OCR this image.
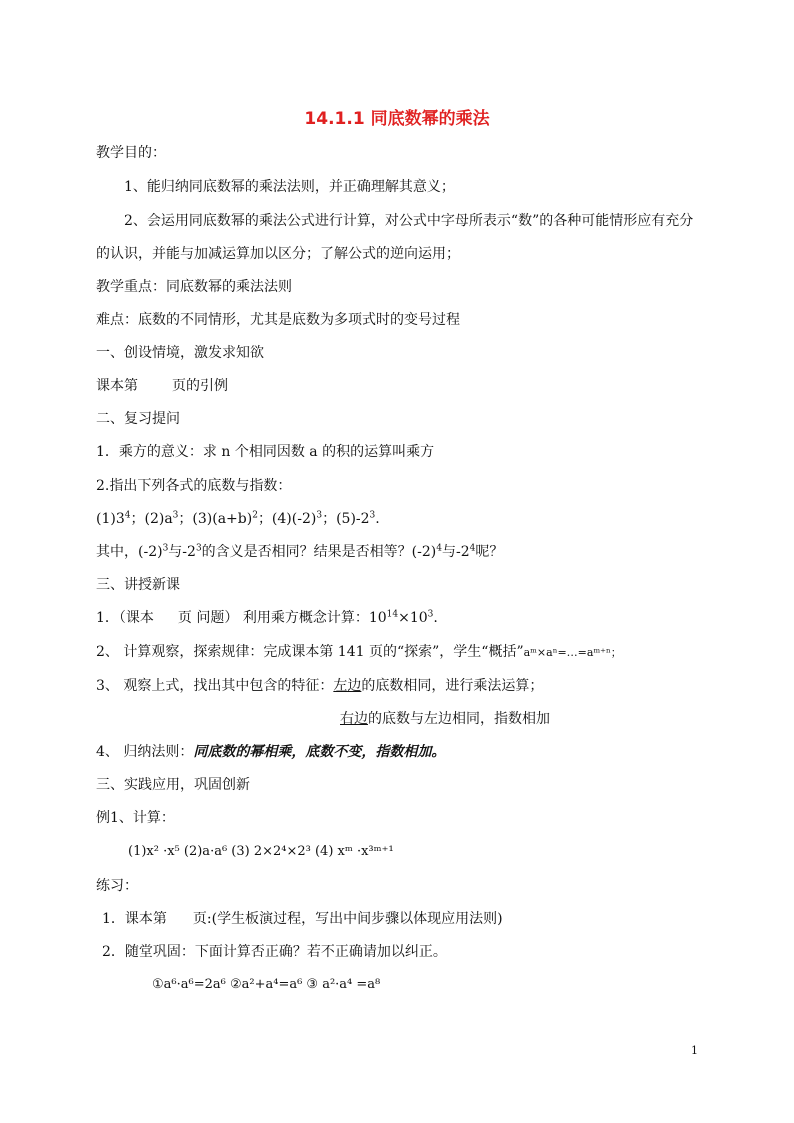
14.1.1 同底数幂的乘法
教学目的：
1、能归纳同底数幂的乘法法则，并正确理解其意义；
2、会运用同底数幂的乘法公式进行计算，对公式中字母所表示“数”的各种可能情形应有充分
的认识，并能与加减运算加以区分；了解公式的逆向运用；
教学重点：同底数幂的乘法法则
难点：底数的不同情形，尤其是底数为多项式时的变号过程
一、创设情境，激发求知欲
课本第 页的引例
二、复习提问
1．乘方的意义：求 n 个相同因数 a 的积的运算叫乘方
2.指出下列各式的底数与指数：
$(1)3^4$；$(2)a^3$；$(3)(a+b)^2$；$(4)(-2)^3$；$(5)-2^3$.
其中，$(-2)^3$与$-2^3$的含义是否相同？结果是否相等？$(-2)^4$与$-2^4$呢？
三、讲授新课
1．（课本 页 问题） 利用乘方概念计算：$10^{14}\times 10^3$.
2、 计算观察，探索规律：完成课本第 141 页的“探索”，学生“概括”aᵐ×aⁿ=…=aᵐ⁺ⁿ；
3、 观察上式，找出其中包含的特征：左边的底数相同，进行乘法运算；
右边的底数与左边相同，指数相加
4、 归纳法则：同底数的幂相乘，底数不变，指数相加。
三、实践应用，巩固创新
例1、计算：
(1)x² ·x⁵ (2)a·a⁶ (3) 2×2⁴×2³ (4) xᵐ ·x³ᵐ⁺¹
练习：
1．课本第 页:(学生板演过程，写出中间步骤以体现应用法则)
2．随堂巩固：下面计算否正确？若不正确请加以纠正。
①a⁶·a⁶=2a⁶ ②a²+a⁴=a⁶ ③ a²·a⁴ =a⁸
1
